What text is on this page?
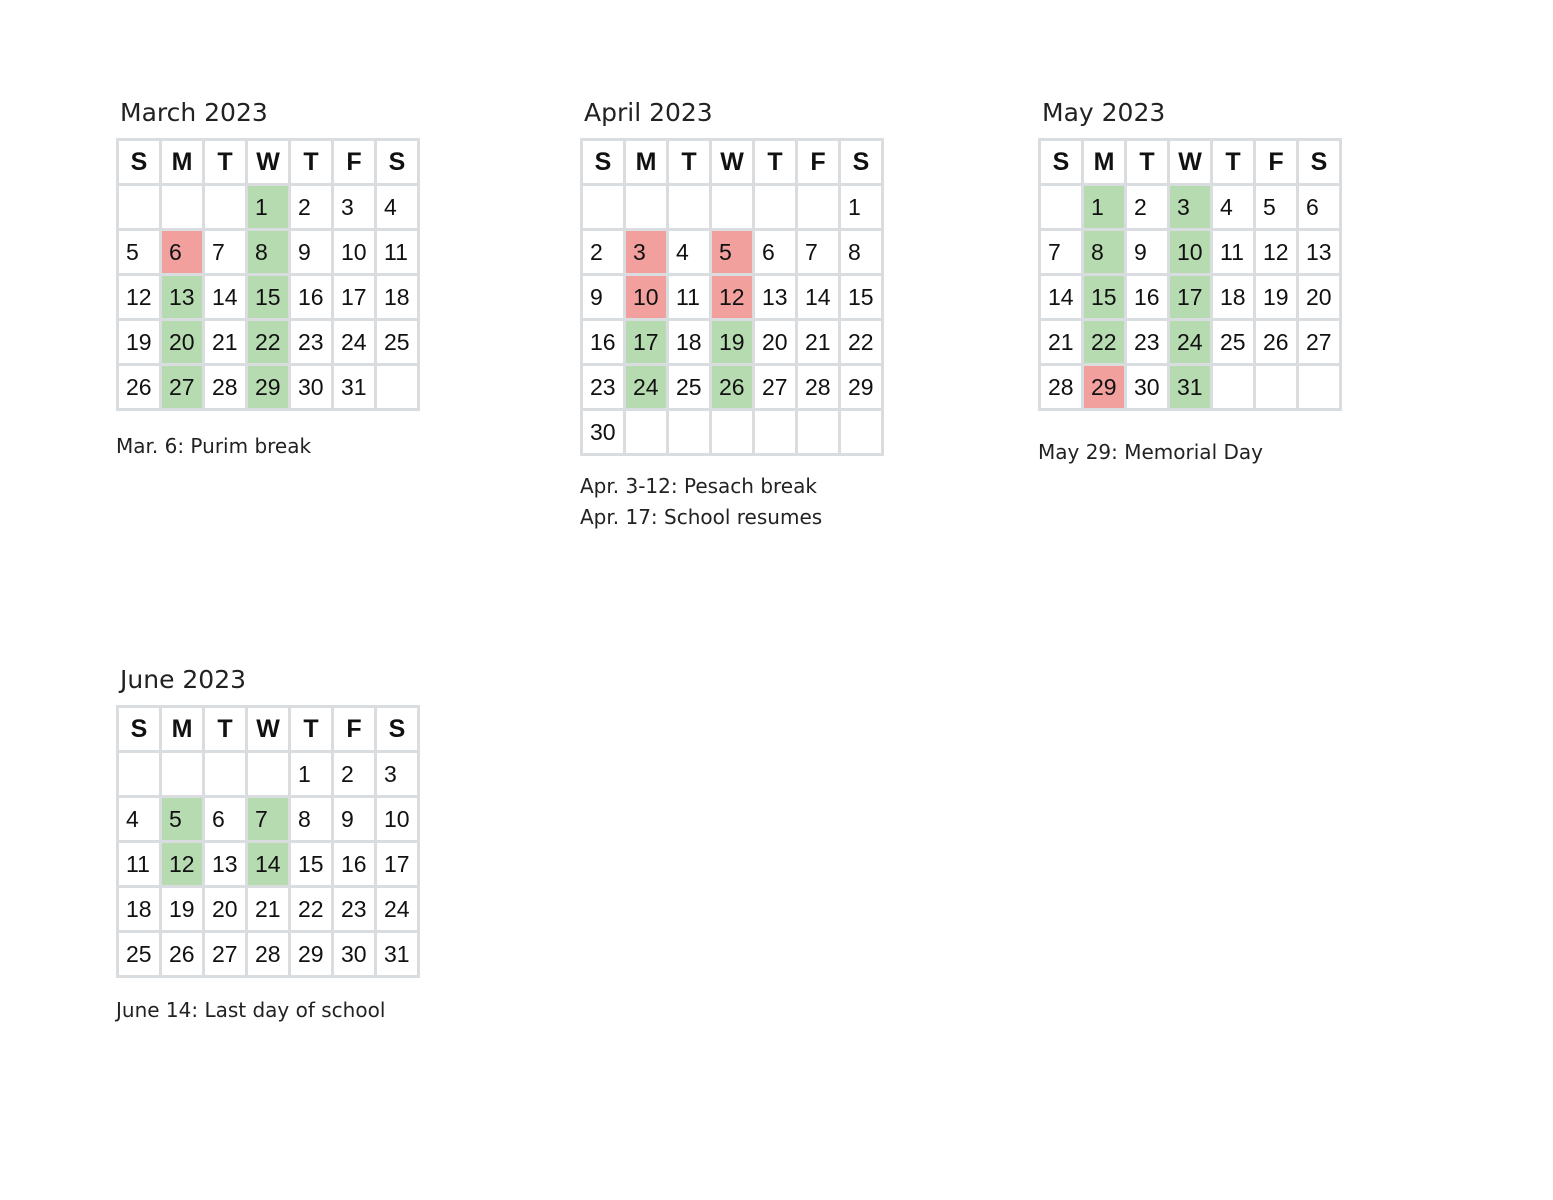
March 2023
S	M	T	W	T	F	S
			1	2	3	4
5	6	7	8	9	10	11
12	13	14	15	16	17	18
19	20	21	22	23	24	25
26	27	28	29	30	31	
Mar. 6: Purim break
April 2023
S	M	T	W	T	F	S
						1
2	3	4	5	6	7	8
9	10	11	12	13	14	15
16	17	18	19	20	21	22
23	24	25	26	27	28	29
30						
Apr. 3-12: Pesach break
Apr. 17: School resumes
May 2023
S	M	T	W	T	F	S
	1	2	3	4	5	6
7	8	9	10	11	12	13
14	15	16	17	18	19	20
21	22	23	24	25	26	27
28	29	30	31			
May 29: Memorial Day
June 2023
S	M	T	W	T	F	S
				1	2	3
4	5	6	7	8	9	10
11	12	13	14	15	16	17
18	19	20	21	22	23	24
25	26	27	28	29	30	31
June 14: Last day of school
